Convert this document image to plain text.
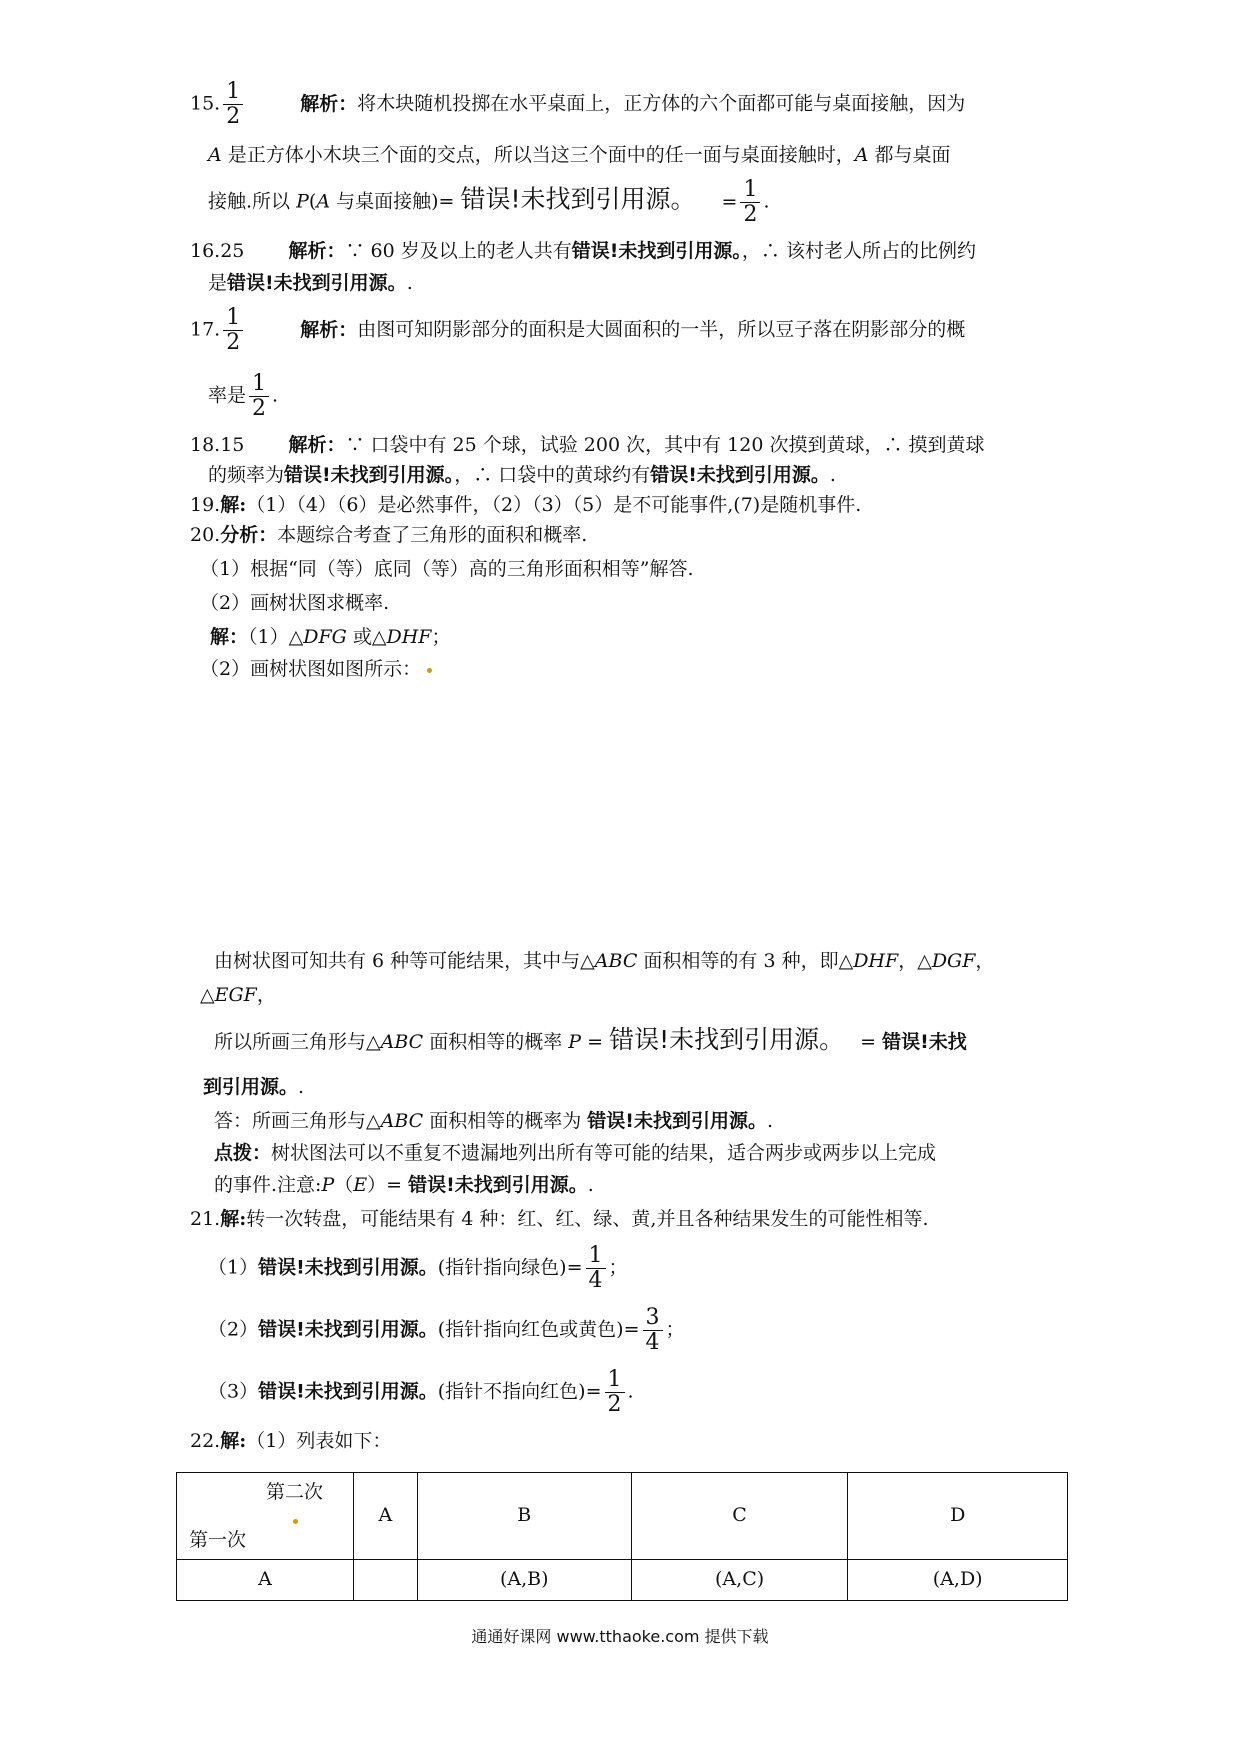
15. $\frac{1}{2}$	解析：将木块随机投掷在水平桌面上，正方体的六个面都可能与桌面接触，因为
A 是正方体小木块三个面的交点，所以当这三个面中的任一面与桌面接触时，A 都与桌面
接触.所以 P(A 与桌面接触)= 错误!未找到引用源。 = $\frac{1}{2}$ .
16.25 解析：∵ 60 岁及以上的老人共有错误!未找到引用源。，∴ 该村老人所占的比例约
是错误!未找到引用源。.
17. $\frac{1}{2}$	解析：由图可知阴影部分的面积是大圆面积的一半，所以豆子落在阴影部分的概
率是 $\frac{1}{2}$ .
18.15 解析：∵ 口袋中有 25 个球，试验 200 次，其中有 120 次摸到黄球，∴ 摸到黄球
的频率为错误!未找到引用源。，∴ 口袋中的黄球约有错误!未找到引用源。.
19.解:（1）（4）（6）是必然事件，（2）（3）（5）是不可能事件,(7)是随机事件.
20.分析：本题综合考查了三角形的面积和概率.
（1）根据“同（等）底同（等）高的三角形面积相等”解答.
（2）画树状图求概率.
解：（1）△DFG 或△DHF；
（2）画树状图如图所示：
由树状图可知共有 6 种等可能结果，其中与△ABC 面积相等的有 3 种，即△DHF，△DGF，
△EGF，
所以所画三角形与△ABC 面积相等的概率 P = 错误!未找到引用源。 = 错误!未找
到引用源。.
答：所画三角形与△ABC 面积相等的概率为 错误!未找到引用源。.
点拨：树状图法可以不重复不遗漏地列出所有等可能的结果，适合两步或两步以上完成
的事件.注意:P（E）= 错误!未找到引用源。.
21.解:转一次转盘，可能结果有 4 种：红、红、绿、黄,并且各种结果发生的可能性相等.
（1）错误!未找到引用源。(指针指向绿色)= $\frac{1}{4}$ ；
（2）错误!未找到引用源。(指针指向红色或黄色)= $\frac{3}{4}$ ；
（3）错误!未找到引用源。(指针不指向红色)= $\frac{1}{2}$ .
22.解:（1）列表如下：
第二次
第一次	A	B	C	D
A		(A,B)	(A,C)	(A,D)
通通好课网 www.tthaoke.com 提供下载
